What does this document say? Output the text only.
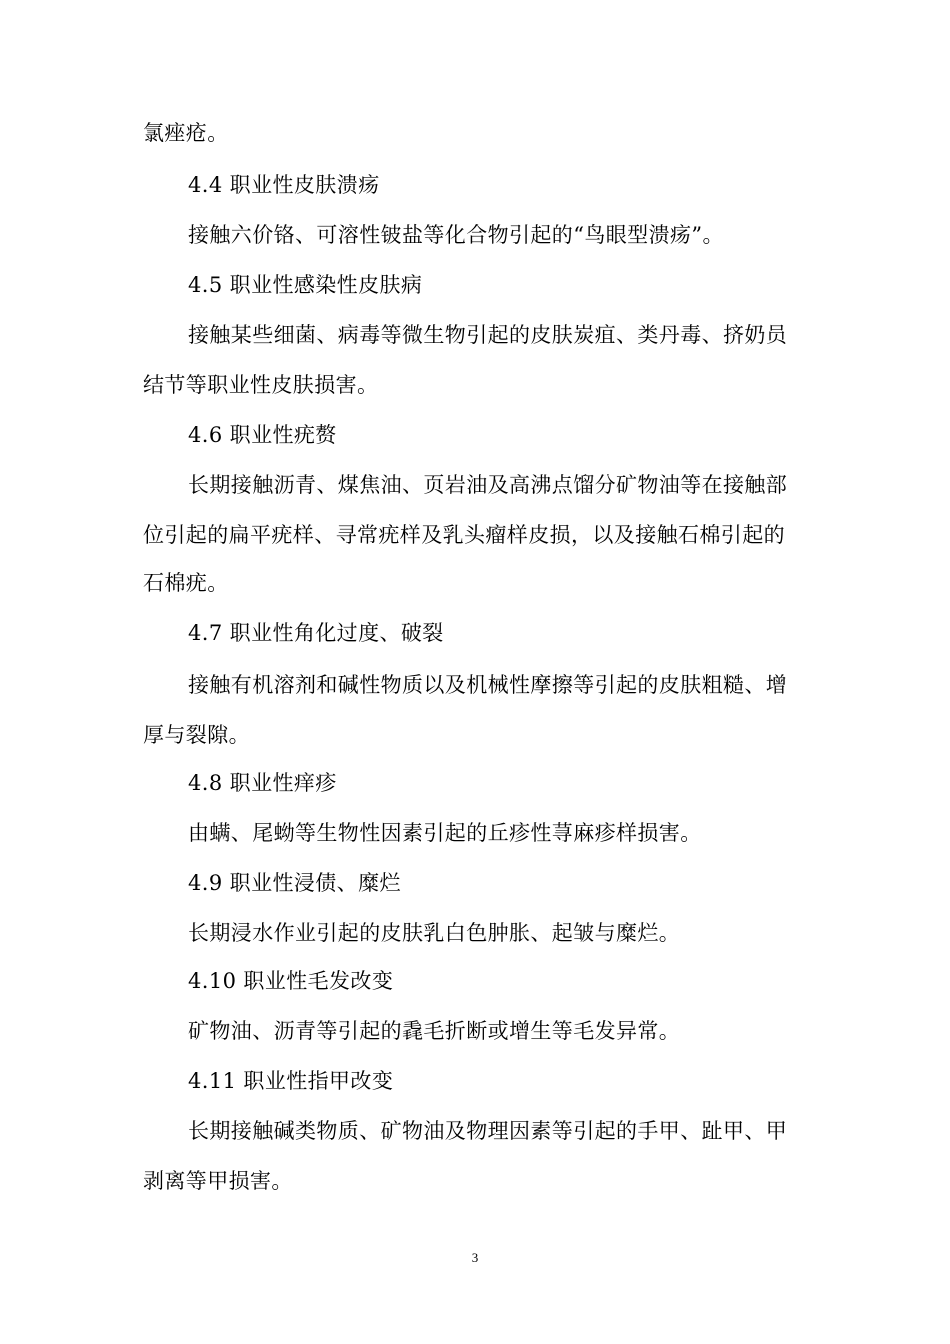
氯痤疮。
4.4 职业性皮肤溃疡
接触六价铬、可溶性铍盐等化合物引起的“鸟眼型溃疡”。
4.5 职业性感染性皮肤病
接触某些细菌、病毒等微生物引起的皮肤炭疽、类丹毒、挤奶员
结节等职业性皮肤损害。
4.6 职业性疣赘
长期接触沥青、煤焦油、页岩油及高沸点馏分矿物油等在接触部
位引起的扁平疣样、寻常疣样及乳头瘤样皮损，以及接触石棉引起的
石棉疣。
4.7 职业性角化过度、破裂
接触有机溶剂和碱性物质以及机械性摩擦等引起的皮肤粗糙、增
厚与裂隙。
4.8 职业性痒疹
由螨、尾蚴等生物性因素引起的丘疹性荨麻疹样损害。
4.9 职业性浸债、糜烂
长期浸水作业引起的皮肤乳白色肿胀、起皱与糜烂。
4.10 职业性毛发改变
矿物油、沥青等引起的毳毛折断或增生等毛发异常。
4.11 职业性指甲改变
长期接触碱类物质、矿物油及物理因素等引起的手甲、趾甲、甲
剥离等甲损害。
3
